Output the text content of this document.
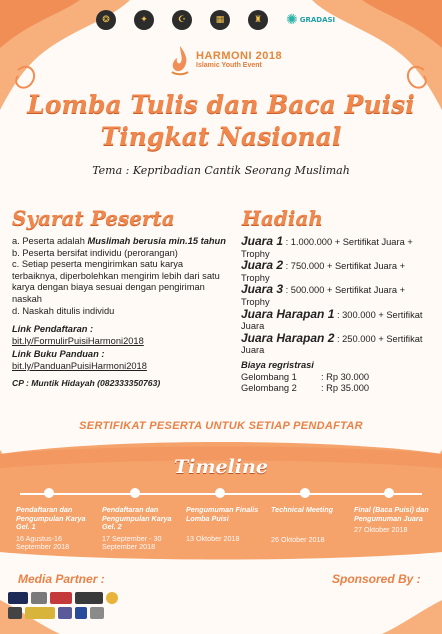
❂	✦	☪	▦	♜	✺ GRADASI
HARMONI 2018
Islamic Youth Event
Lomba Tulis dan Baca Puisi
Tingkat Nasional
Tema : Kepribadian Cantik Seorang Muslimah
Syarat Peserta	Hadiah

a. Peserta adalah Muslimah berusia min.15 tahun

b. Peserta bersifat individu (perorangan)

c. Setiap peserta mengirimkan satu karya terbaiknya, diperbolehkan mengirim lebih dari satu karya dengan biaya sesuai dengan pengiriman naskah

d. Naskah ditulis individu

Link Pendaftaran :

bit.ly/FormulirPuisiHarmoni2018

Link Buku Panduan :

bit.ly/PanduanPuisiHarmoni2018

CP : Muntik Hidayah (082333350763)

Juara 1 : 1.000.000 + Sertifikat Juara + Trophy

Juara 2 : 750.000 + Sertifikat Juara + Trophy

Juara 3 : 500.000 + Sertifikat Juara + Trophy

Juara Harapan 1 : 300.000 + Sertifikat Juara

Juara Harapan 2 : 250.000 + Sertifikat Juara

Biaya regristrasi

Gelombang 1	: Rp 30.000
Gelombang 2	: Rp 35.000
SERTIFIKAT PESERTA UNTUK SETIAP PENDAFTAR
Timeline
Pendaftaran dan Pengumpulan Karya Gel. 1
16 Agustus-16 September 2018
Pendaftaran dan Pengumpulan Karya Gel. 2
17 September - 30 September 2018
Pengumuman Finalis Lomba Puisi
13 Oktober 2018
Technical Meeting
26 Oktober 2018
Final (Baca Puisi) dan Pengumuman Juara
27 Oktober 2018
Media Partner :	Sponsored By :
